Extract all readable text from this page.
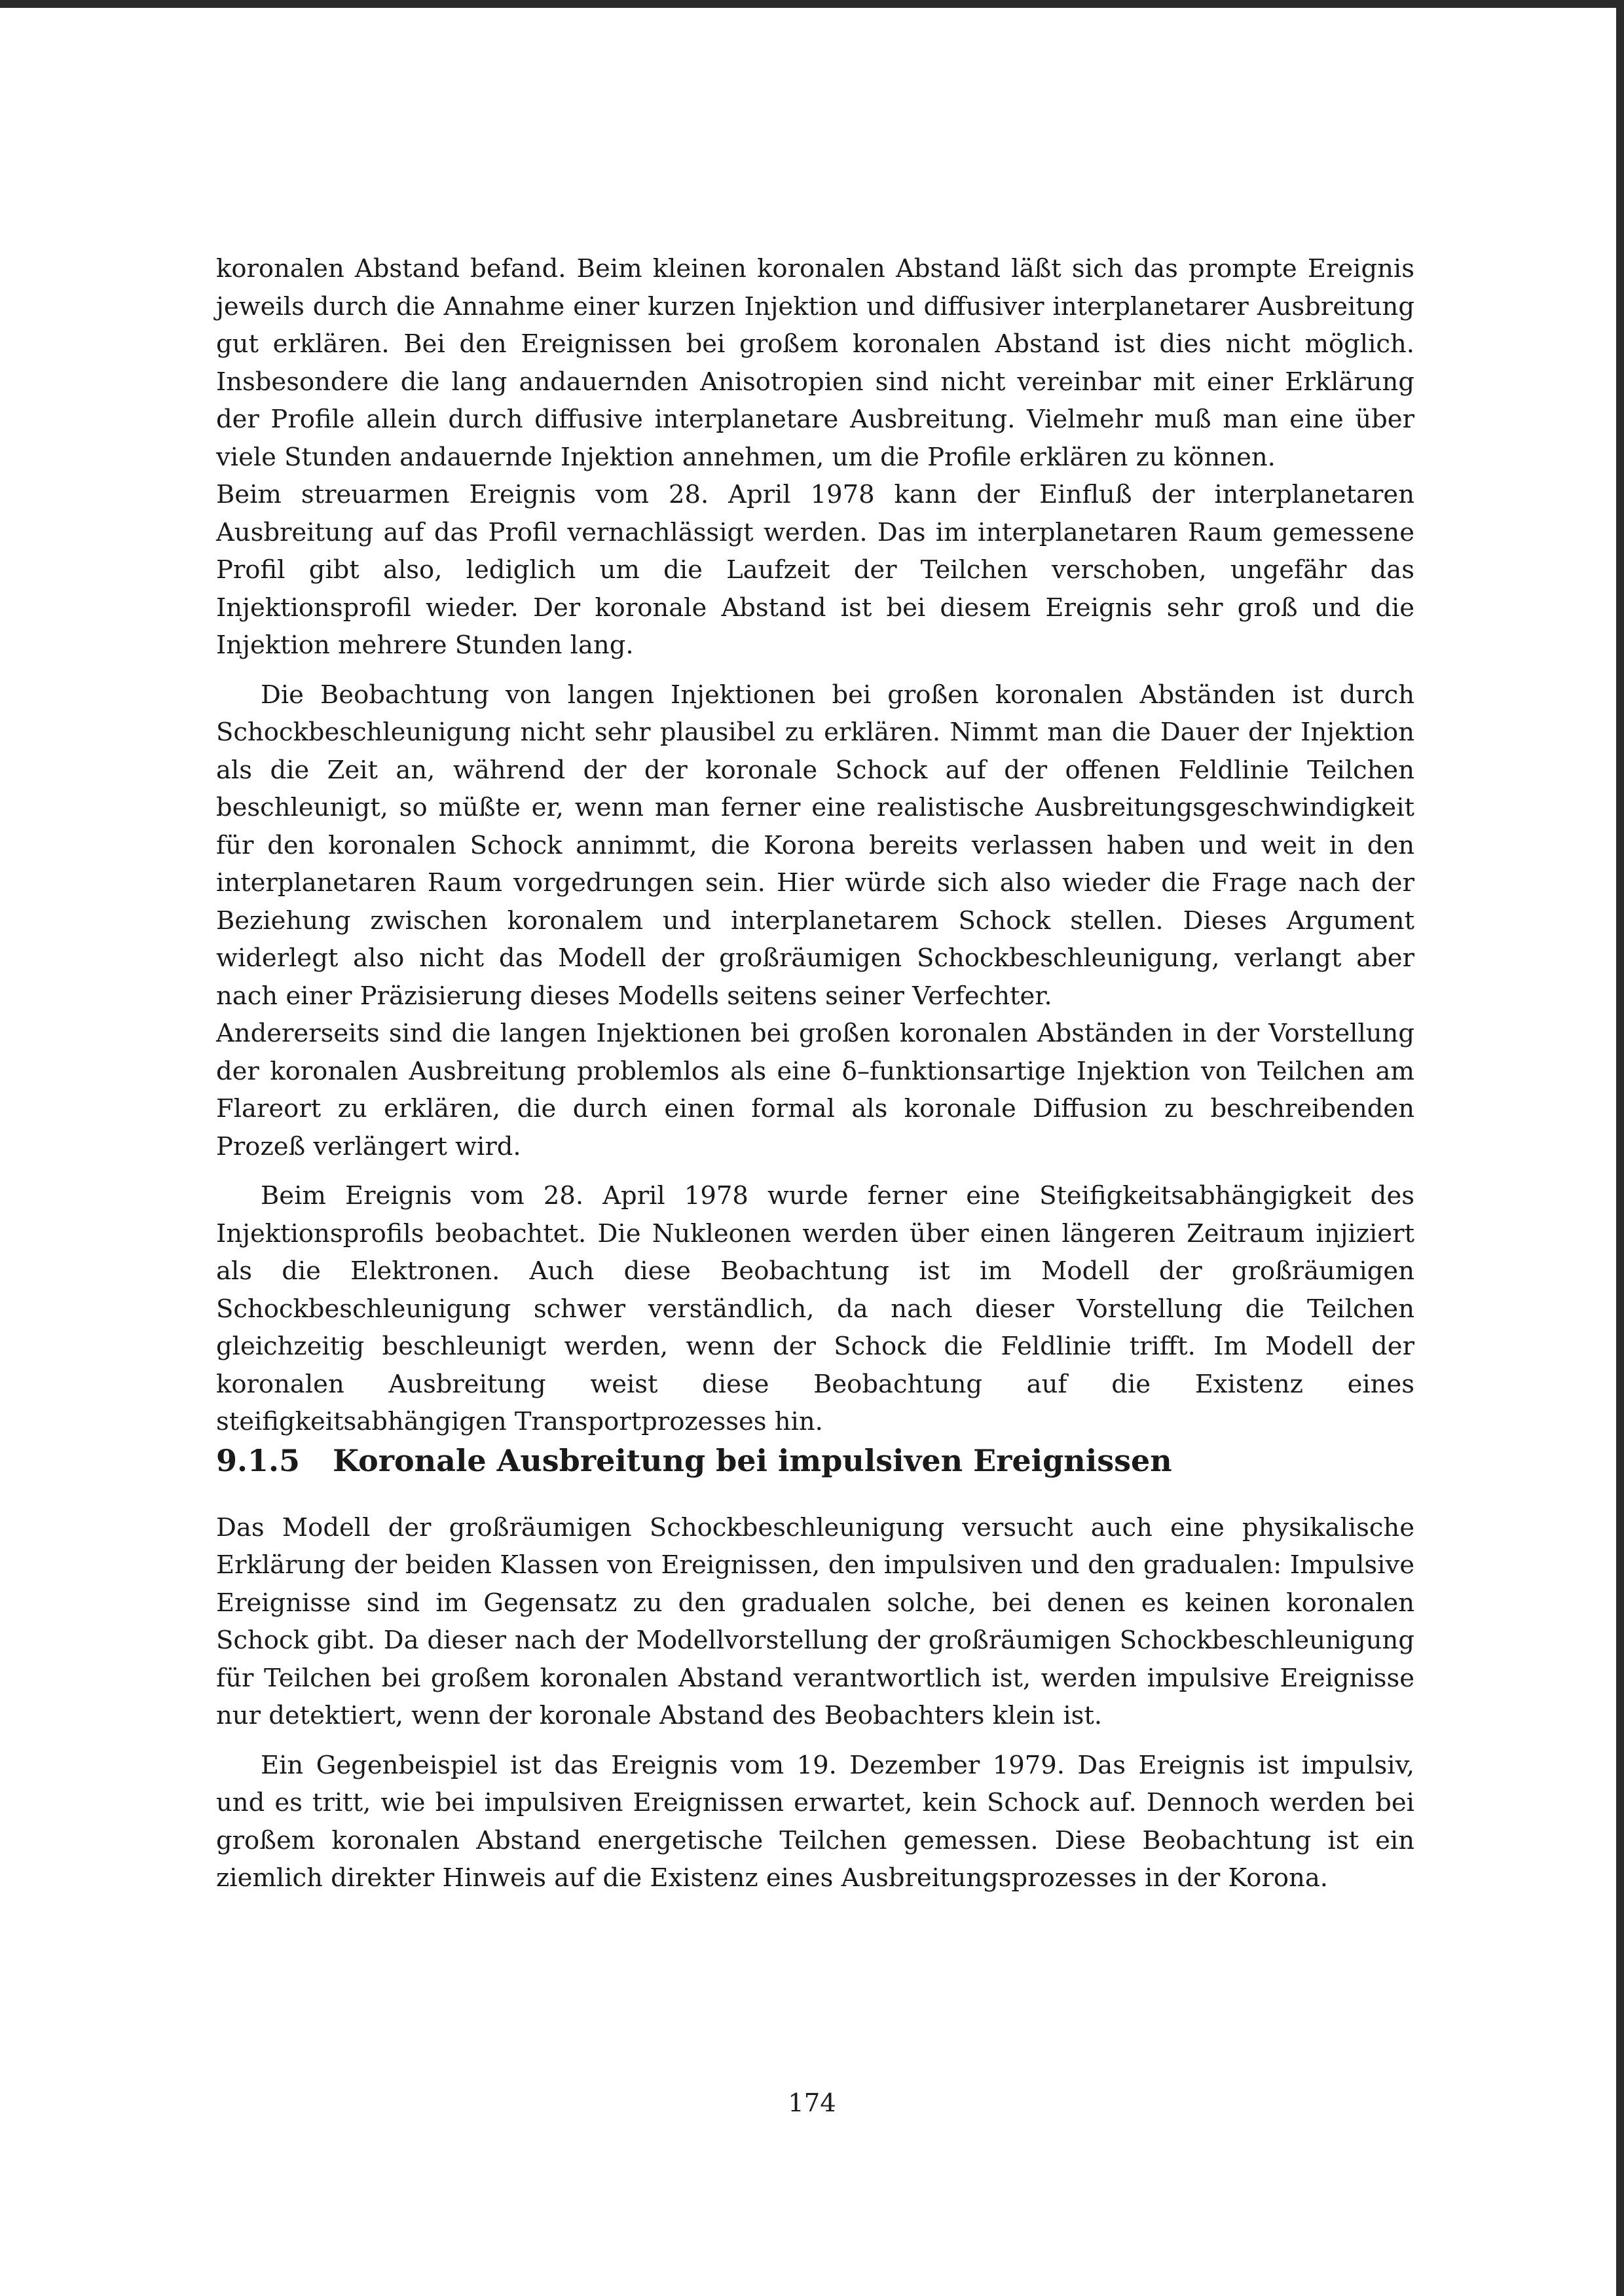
koronalen Abstand befand. Beim kleinen koronalen Abstand läßt sich das prompte Ereignis jeweils durch die Annahme einer kurzen Injektion und diffusiver interplanetarer Ausbreitung gut erklären. Bei den Ereignissen bei großem koronalen Abstand ist dies nicht möglich. Insbesondere die lang andauernden Anisotropien sind nicht vereinbar mit einer Erklärung der Profile allein durch diffusive interplanetare Ausbreitung. Vielmehr muß man eine über viele Stunden andauernde Injektion annehmen, um die Profile erklären zu können.

Beim streuarmen Ereignis vom 28. April 1978 kann der Einfluß der interplanetaren Ausbreitung auf das Profil vernachlässigt werden. Das im interplanetaren Raum gemessene Profil gibt also, lediglich um die Laufzeit der Teilchen verschoben, ungefähr das Injektionsprofil wieder. Der koronale Abstand ist bei diesem Ereignis sehr groß und die Injektion mehrere Stunden lang.

Die Beobachtung von langen Injektionen bei großen koronalen Abständen ist durch Schockbeschleunigung nicht sehr plausibel zu erklären. Nimmt man die Dauer der Injektion als die Zeit an, während der der koronale Schock auf der offenen Feldlinie Teilchen beschleunigt, so müßte er, wenn man ferner eine realistische Ausbreitungsgeschwindigkeit für den koronalen Schock annimmt, die Korona bereits verlassen haben und weit in den interplanetaren Raum vorgedrungen sein. Hier würde sich also wieder die Frage nach der Beziehung zwischen koronalem und interplanetarem Schock stellen. Dieses Argument widerlegt also nicht das Modell der großräumigen Schockbeschleunigung, verlangt aber nach einer Präzisierung dieses Modells seitens seiner Verfechter.

Andererseits sind die langen Injektionen bei großen koronalen Abständen in der Vorstellung der koronalen Ausbreitung problemlos als eine δ–funktionsartige Injektion von Teilchen am Flareort zu erklären, die durch einen formal als koronale Diffusion zu beschreibenden Prozeß verlängert wird.

Beim Ereignis vom 28. April 1978 wurde ferner eine Steifigkeitsabhängigkeit des Injektionsprofils beobachtet. Die Nukleonen werden über einen längeren Zeitraum injiziert als die Elektronen. Auch diese Beobachtung ist im Modell der großräumigen Schockbeschleunigung schwer verständlich, da nach dieser Vorstellung die Teilchen gleichzeitig beschleunigt werden, wenn der Schock die Feldlinie trifft. Im Modell der koronalen Ausbreitung weist diese Beobachtung auf die Existenz eines steifigkeitsabhängigen Transportprozesses hin.

9.1.5 Koronale Ausbreitung bei impulsiven Ereignissen

Das Modell der großräumigen Schockbeschleunigung versucht auch eine physikalische Erklärung der beiden Klassen von Ereignissen, den impulsiven und den gradualen: Impulsive Ereignisse sind im Gegensatz zu den gradualen solche, bei denen es keinen koronalen Schock gibt. Da dieser nach der Modellvorstellung der großräumigen Schockbeschleunigung für Teilchen bei großem koronalen Abstand verantwortlich ist, werden impulsive Ereignisse nur detektiert, wenn der koronale Abstand des Beobachters klein ist.

Ein Gegenbeispiel ist das Ereignis vom 19. Dezember 1979. Das Ereignis ist impulsiv, und es tritt, wie bei impulsiven Ereignissen erwartet, kein Schock auf. Dennoch werden bei großem koronalen Abstand energetische Teilchen gemessen. Diese Beobachtung ist ein ziemlich direkter Hinweis auf die Existenz eines Ausbreitungsprozesses in der Korona.

174
